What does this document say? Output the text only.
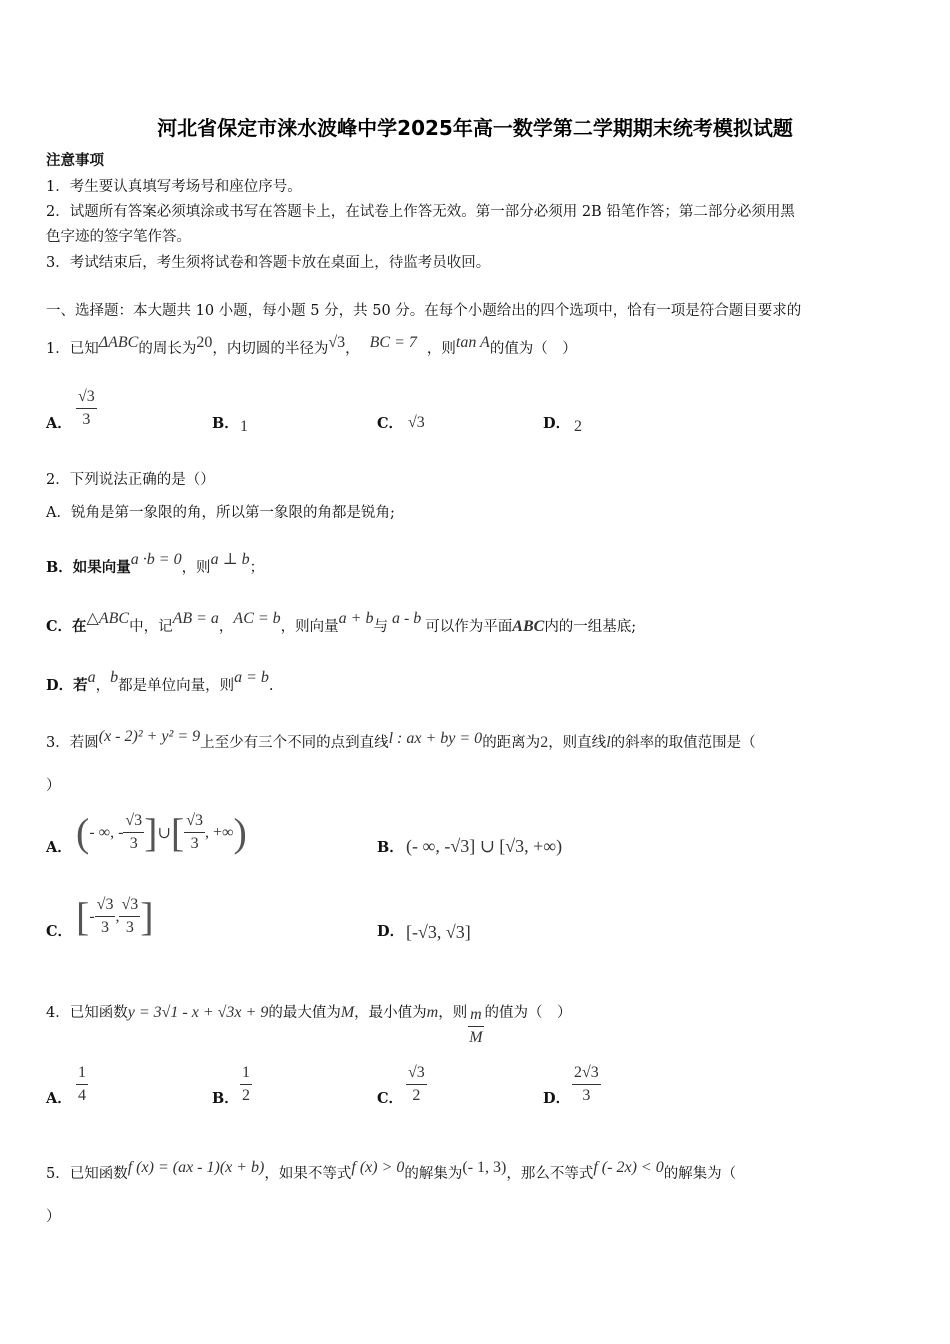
河北省保定市涞水波峰中学2025年高一数学第二学期期末统考模拟试题
注意事项
1．考生要认真填写考场号和座位序号。
2．试题所有答案必须填涂或书写在答题卡上，在试卷上作答无效。第一部分必须用 2B 铅笔作答；第二部分必须用黑
色字迹的签字笔作答。
3．考试结束后，考生须将试卷和答题卡放在桌面上，待监考员收回。
一、选择题：本大题共 10 小题，每小题 5 分，共 50 分。在每个小题给出的四个选项中，恰有一项是符合题目要求的
1．已知ΔABC的周长为20，内切圆的半径为√3， BC = 7 ，则tan A的值为（　）
A． $\frac{√3}{3}$	B． 1	C． √3	D． 2
2．下列说法正确的是（）
A．锐角是第一象限的角，所以第一象限的角都是锐角;
B．如果向量a ·b = 0，则a ⊥ b；
C．在△ABC中，记AB = a，AC = b，则向量a + b与 a - b 可以作为平面ABC内的一组基底;
D．若a，b都是单位向量，则a = b.
3．若圆(x - 2)² + y² = 9上至少有三个不同的点到直线l : ax + by = 0的距离为2，则直线l的斜率的取值范围是（
）
A． ( - ∞, - $\frac{√3}{3}$ ] ∪ [ $\frac{√3}{3}$ , +∞ )	B． (- ∞, -√3] ∪ [√3, +∞)
C． [ - $\frac{√3}{3}$ , $\frac{√3}{3}$ ]	D． [-√3, √3]
4．已知函数y = 3√1 - x + √3x + 9的最大值为M，最小值为m，则 $\frac{m}{M}$ 的值为（　）
A． $\frac{1}{4}$	B． $\frac{1}{2}$	C． $\frac{√3}{2}$	D． $\frac{2√3}{3}$
5．已知函数f (x) = (ax - 1)(x + b)，如果不等式f (x) > 0的解集为(- 1, 3)，那么不等式f (- 2x) < 0的解集为（
）
